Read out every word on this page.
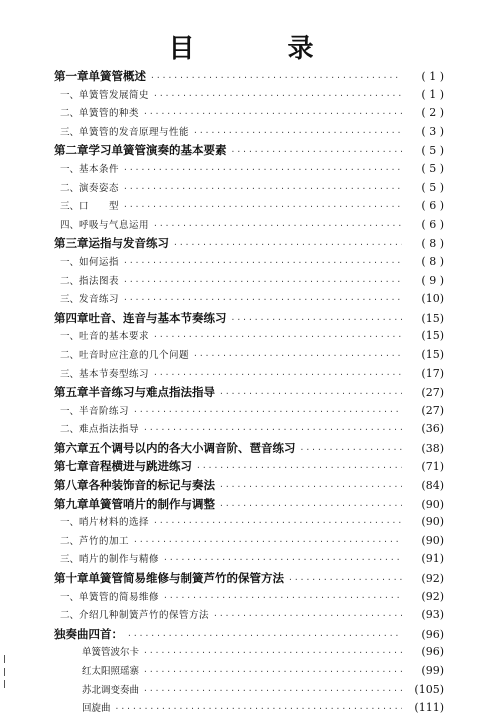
目 录
第一章 单簧管概述 ·····	( 1 )
一、 单簧管发展简史 ·····	( 1 )
二、 单簧管的种类 ·····	( 2 )
三、 单簧管的发音原理与性能 ·····	( 3 )
第二章 学习单簧管演奏的基本要素 ·····	( 5 )
一、 基本条件 ·····	( 5 )
二、 演奏姿态 ·····	( 5 )
三、 口　　型 ·····	( 6 )
四、 呼吸与气息运用 ·····	( 6 )
第三章 运指与发音练习 ·····	( 8 )
一、 如何运指 ·····	( 8 )
二、 指法图表 ·····	( 9 )
三、 发音练习 ·····	(10)
第四章 吐音、连音与基本节奏练习 ·····	(15)
一、 吐音的基本要求 ·····	(15)
二、 吐音时应注意的几个问题 ·····	(15)
三、 基本节奏型练习 ·····	(17)
第五章 半音练习与难点指法指导 ·····	(27)
一、 半音阶练习 ·····	(27)
二、 难点指法指导 ·····	(36)
第六章 五个调号以内的各大小调音阶、琶音练习 ·····	(38)
第七章 音程横进与跳进练习 ·····	(71)
第八章 各种装饰音的标记与奏法 ·····	(84)
第九章 单簧管哨片的制作与调整 ·····	(90)
一、 哨片材料的选择 ·····	(90)
二、 芦竹的加工 ·····	(90)
三、 哨片的制作与精修 ·····	(91)
第十章 单簧管简易维修与制簧芦竹的保管方法 ·····	(92)
一、 单簧管的简易维修 ·····	(92)
二、 介绍几种制簧芦竹的保管方法 ·····	(93)
独奏曲四首： ·····	(96)
单簧管波尔卡 ·····	(96)
红太阳照瑶寨 ·····	(99)
苏北调变奏曲 ·····	(105)
回旋曲 ·····	(111)
